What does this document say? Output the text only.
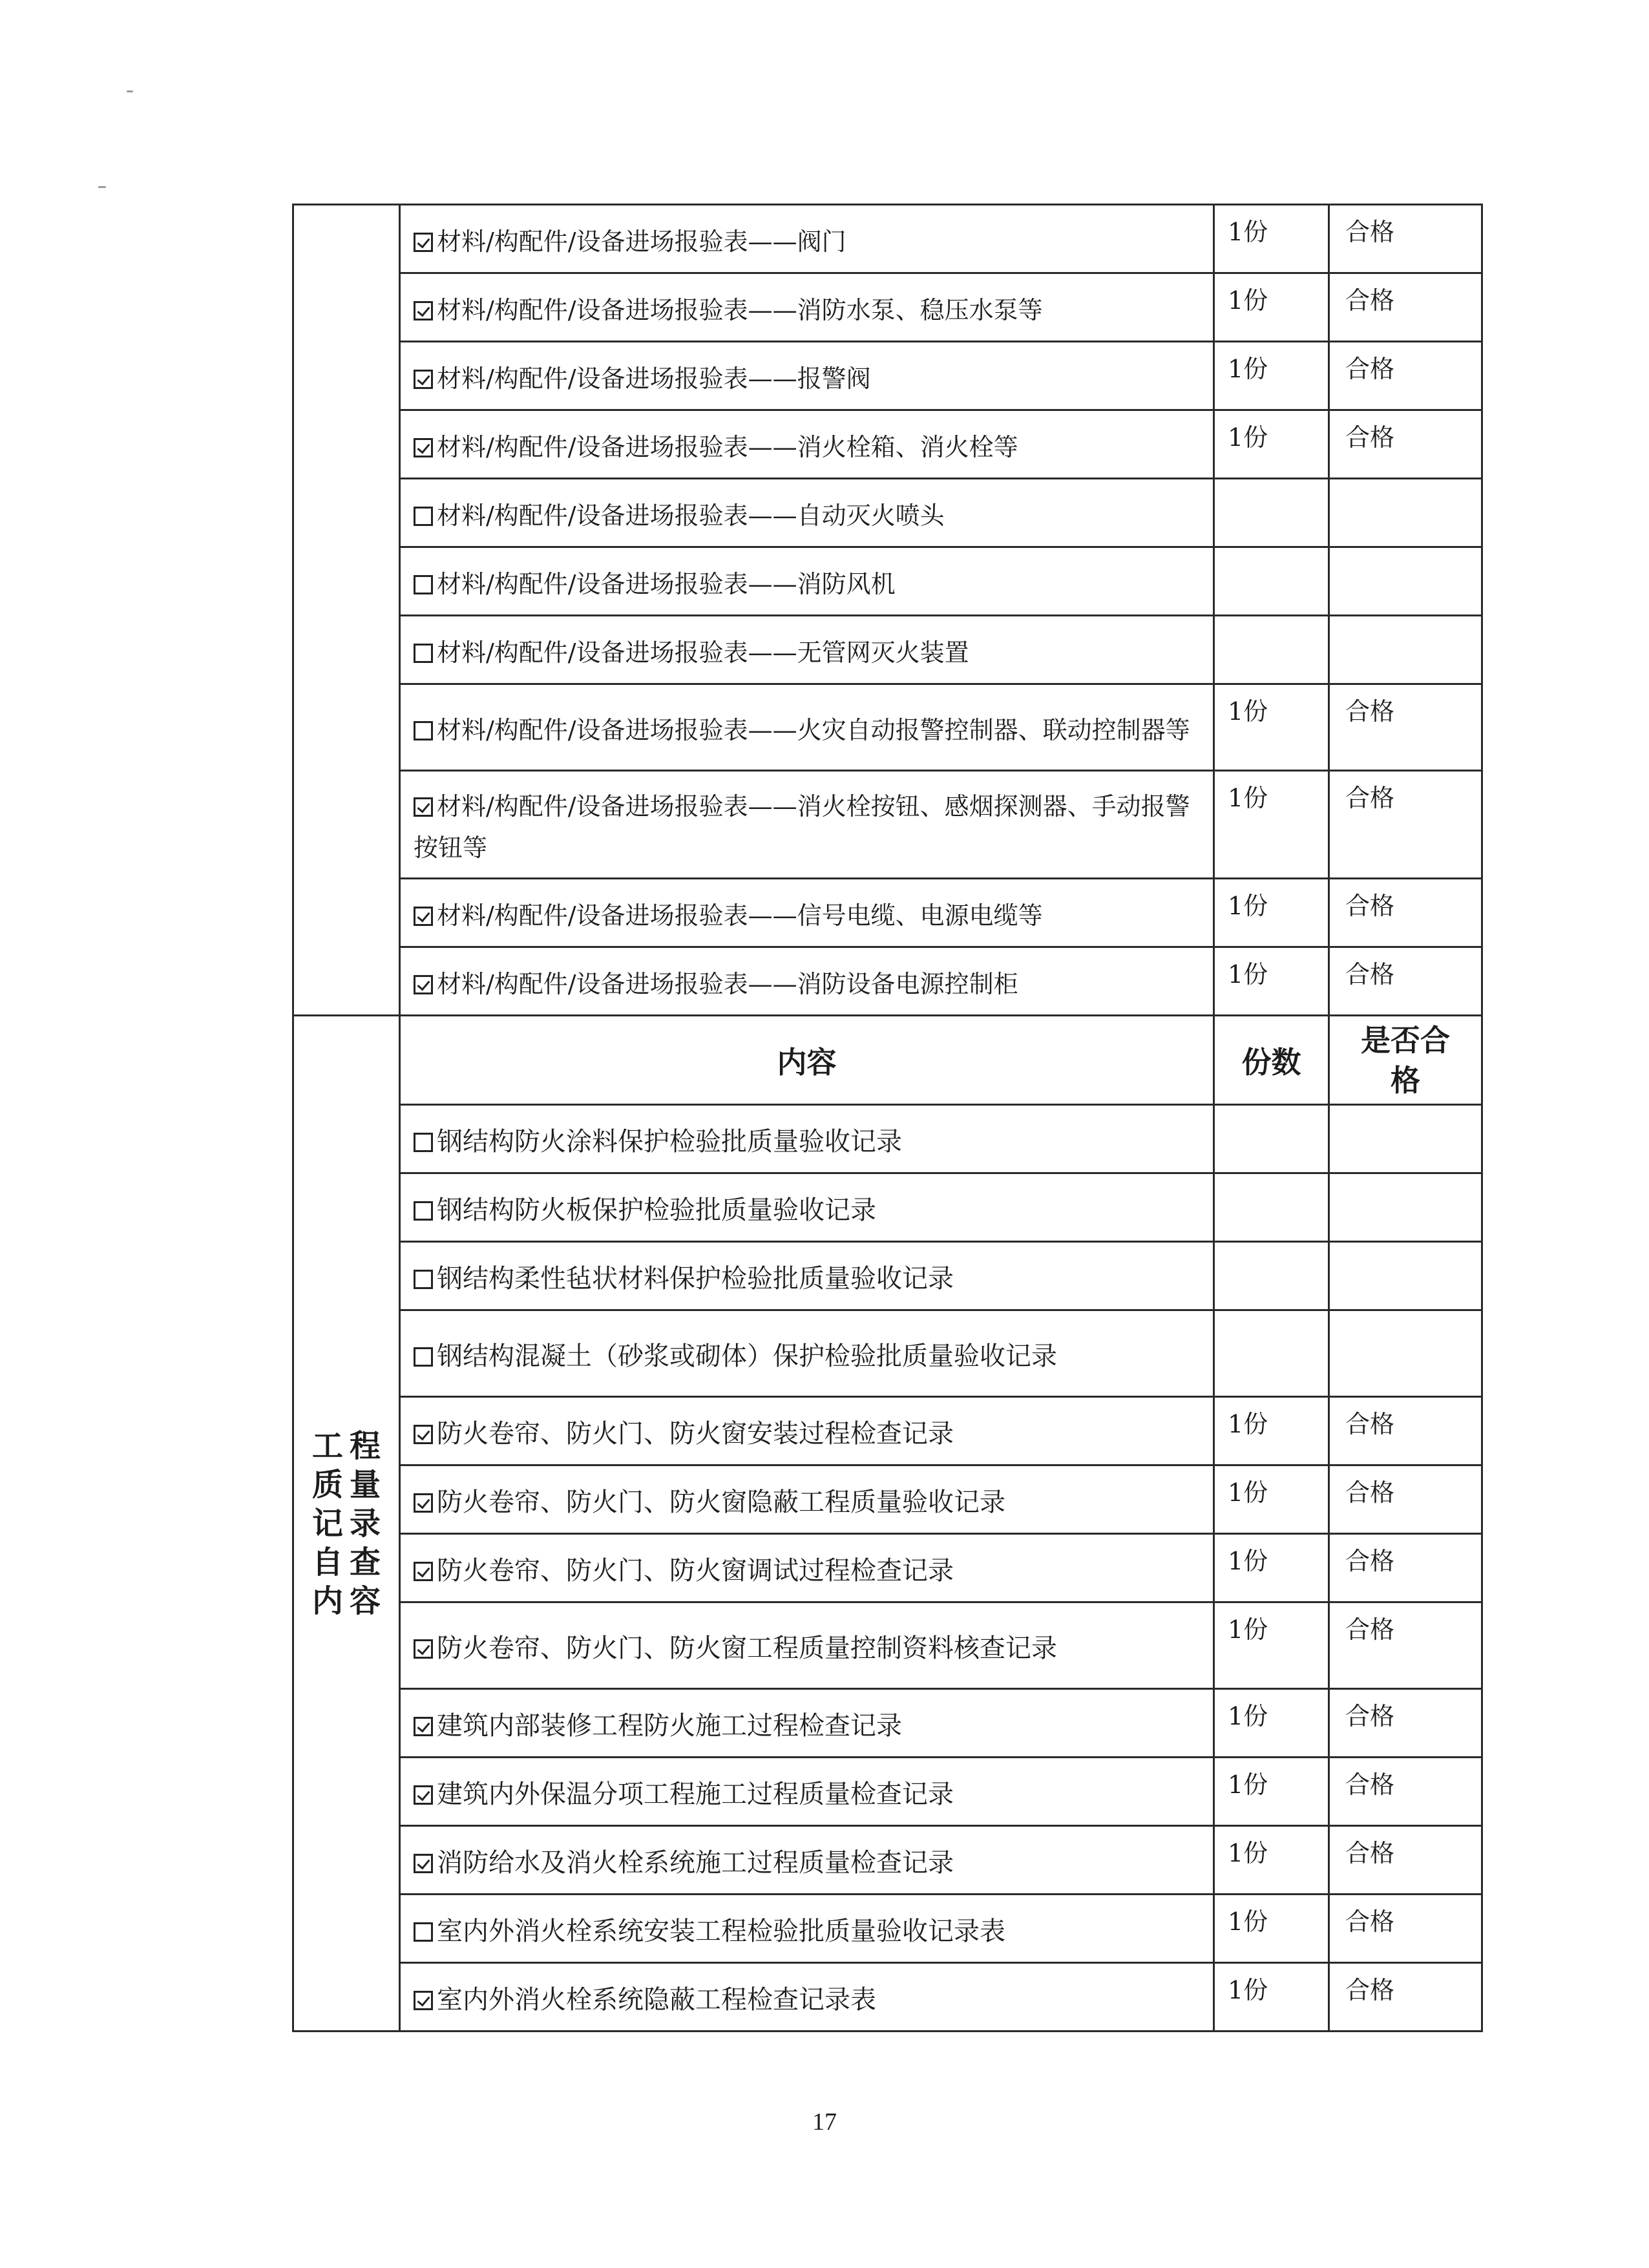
	材料/构配件/设备进场报验表——阀门	1份	合格
	材料/构配件/设备进场报验表——消防水泵、稳压水泵等	1份	合格
	材料/构配件/设备进场报验表——报警阀	1份	合格
	材料/构配件/设备进场报验表——消火栓箱、消火栓等	1份	合格
	材料/构配件/设备进场报验表——自动灭火喷头		
	材料/构配件/设备进场报验表——消防风机		
	材料/构配件/设备进场报验表——无管网灭火装置		
	材料/构配件/设备进场报验表——火灾自动报警控制器、联动控制器等	1份	合格
	材料/构配件/设备进场报验表——消火栓按钮、感烟探测器、手动报警按钮等	1份	合格
	材料/构配件/设备进场报验表——信号电缆、电源电缆等	1份	合格
	材料/构配件/设备进场报验表——消防设备电源控制柜	1份	合格

工 程
质 量
记 录
自 查
内 容
	内容	份数	是否合
格
	钢结构防火涂料保护检验批质量验收记录		
	钢结构防火板保护检验批质量验收记录		
	钢结构柔性毡状材料保护检验批质量验收记录		
	钢结构混凝土（砂浆或砌体）保护检验批质量验收记录		
	防火卷帘、防火门、防火窗安装过程检查记录	1份	合格
	防火卷帘、防火门、防火窗隐蔽工程质量验收记录	1份	合格
	防火卷帘、防火门、防火窗调试过程检查记录	1份	合格
	防火卷帘、防火门、防火窗工程质量控制资料核查记录	1份	合格
	建筑内部装修工程防火施工过程检查记录	1份	合格
	建筑内外保温分项工程施工过程质量检查记录	1份	合格
	消防给水及消火栓系统施工过程质量检查记录	1份	合格
	室内外消火栓系统安装工程检验批质量验收记录表	1份	合格
	室内外消火栓系统隐蔽工程检查记录表	1份	合格
17
